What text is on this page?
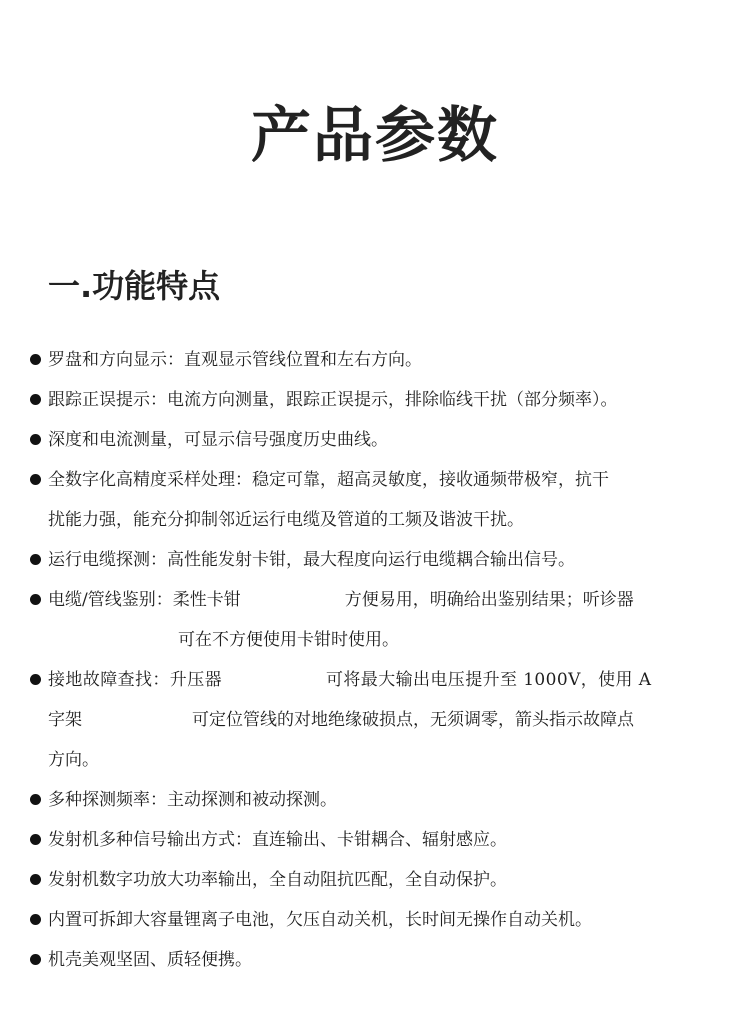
产品参数
一.功能特点
罗盘和方向显示：直观显示管线位置和左右方向。
跟踪正误提示：电流方向测量，跟踪正误提示，排除临线干扰（部分频率）。
深度和电流测量，可显示信号强度历史曲线。
全数字化高精度采样处理：稳定可靠，超高灵敏度，接收通频带极窄，抗干
扰能力强，能充分抑制邻近运行电缆及管道的工频及谐波干扰。
运行电缆探测：高性能发射卡钳，最大程度向运行电缆耦合输出信号。
电缆/管线鉴别：柔性卡钳	方便易用，明确给出鉴别结果；听诊器
可在不方便使用卡钳时使用。
接地故障查找：升压器	可将最大输出电压提升至 1000V，使用 A
字架	可定位管线的对地绝缘破损点，无须调零，箭头指示故障点
方向。
多种探测频率：主动探测和被动探测。
发射机多种信号输出方式：直连输出、卡钳耦合、辐射感应。
发射机数字功放大功率输出，全自动阻抗匹配，全自动保护。
内置可拆卸大容量锂离子电池，欠压自动关机，长时间无操作自动关机。
机壳美观坚固、质轻便携。
